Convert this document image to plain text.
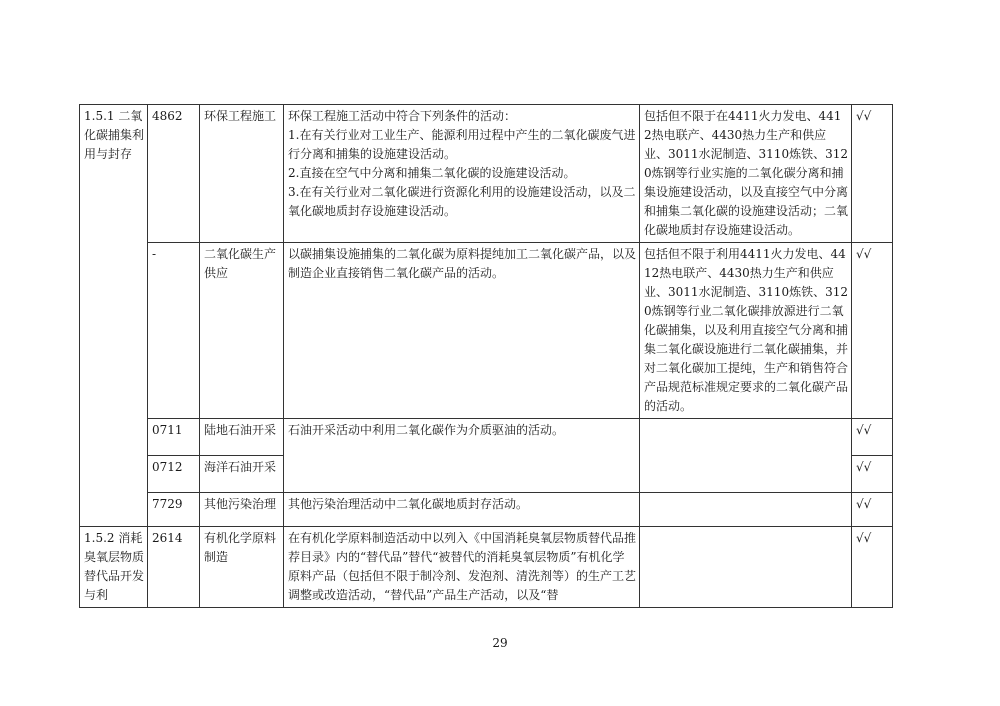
1.5.1 二氧化碳捕集利用与封存	4862	环保工程施工	环保工程施工活动中符合下列条件的活动：
1.在有关行业对工业生产、能源利用过程中产生的二氧化碳废气进行分离和捕集的设施建设活动。
2.直接在空气中分离和捕集二氧化碳的设施建设活动。
3.在有关行业对二氧化碳进行资源化利用的设施建设活动，以及二氧化碳地质封存设施建设活动。	包括但不限于在4411火力发电、4412热电联产、4430热力生产和供应业、3011水泥制造、3110炼铁、3120炼钢等行业实施的二氧化碳分离和捕集设施建设活动，以及直接空气中分离和捕集二氧化碳的设施建设活动；二氧化碳地质封存设施建设活动。	√√
	-	二氧化碳生产供应	以碳捕集设施捕集的二氧化碳为原料提纯加工二氧化碳产品，以及制造企业直接销售二氧化碳产品的活动。	包括但不限于利用4411火力发电、4412热电联产、4430热力生产和供应业、3011水泥制造、3110炼铁、3120炼钢等行业二氧化碳排放源进行二氧化碳捕集，以及利用直接空气分离和捕集二氧化碳设施进行二氧化碳捕集，并对二氧化碳加工提纯，生产和销售符合产品规范标准规定要求的二氧化碳产品的活动。	√√
	0711	陆地石油开采	石油开采活动中利用二氧化碳作为介质驱油的活动。		√√
	0712	海洋石油开采			√√
	7729	其他污染治理	其他污染治理活动中二氧化碳地质封存活动。		√√
1.5.2 消耗臭氧层物质替代品开发与利	2614	有机化学原料制造	在有机化学原料制造活动中以列入《中国消耗臭氧层物质替代品推荐目录》内的“替代品”替代“被替代的消耗臭氧层物质”有机化学原料产品（包括但不限于制冷剂、发泡剂、清洗剂等）的生产工艺调整或改造活动，“替代品”产品生产活动，以及“替		√√
29
